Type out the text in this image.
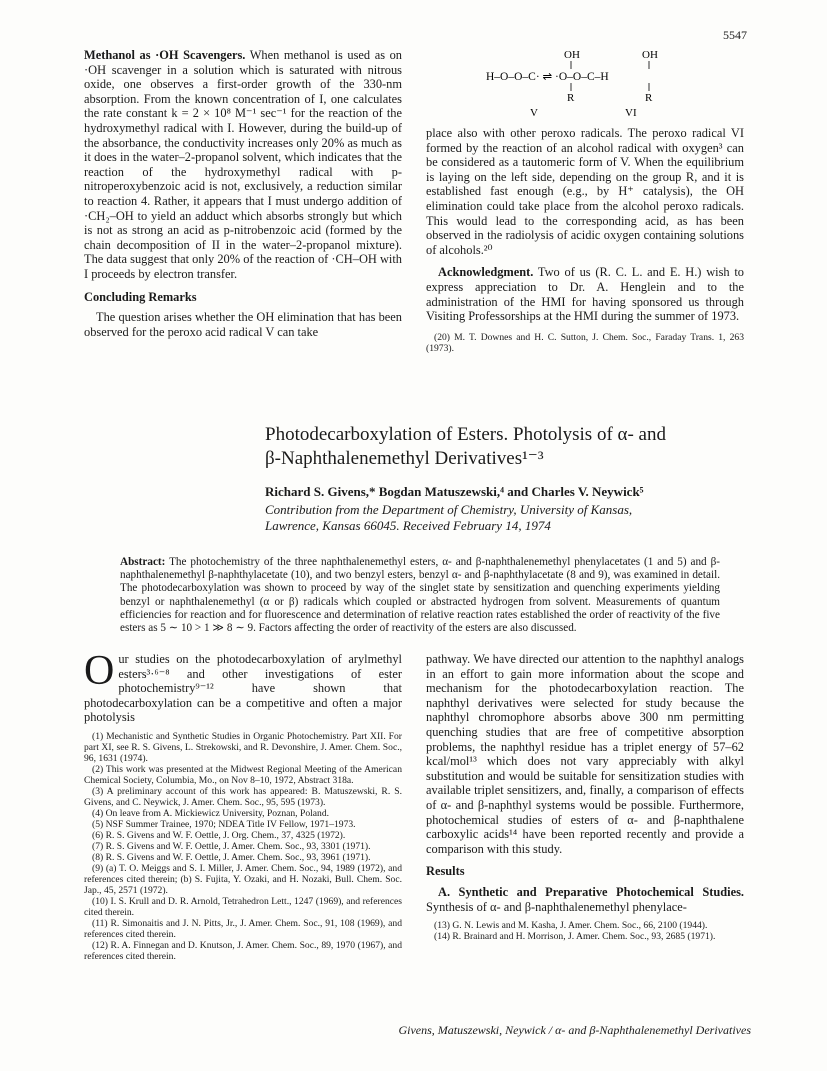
5547

Methanol as ·OH Scavengers. When methanol is used as on ·OH scavenger in a solution which is saturated with nitrous oxide, one observes a first-order growth of the 330-nm absorption. From the known concentration of I, one calculates the rate constant k = 2 × 10⁸ M⁻¹ sec⁻¹ for the reaction of the hydroxymethyl radical with I. However, during the build-up of the absorbance, the conductivity increases only 20% as much as it does in the water–2-propanol solvent, which indicates that the reaction of the hydroxymethyl radical with p-nitroperoxybenzoic acid is not, exclusively, a reduction similar to reaction 4. Rather, it appears that I must undergo addition of ·CH₂–OH to yield an adduct which absorbs strongly but which is not as strong an acid as p-nitrobenzoic acid (formed by the chain decomposition of II in the water–2-propanol mixture). The data suggest that only 20% of the reaction of ·CH–OH with I proceeds by electron transfer.

Concluding Remarks

The question arises whether the OH elimination that has been observed for the peroxo acid radical V can take

OH	OH
H–O–O–C· ⇌ ·O–O–C–H
R	R
V	VI

place also with other peroxo radicals. The peroxo radical VI formed by the reaction of an alcohol radical with oxygen³ can be considered as a tautomeric form of V. When the equilibrium is laying on the left side, depending on the group R, and it is established fast enough (e.g., by H⁺ catalysis), the OH elimination could take place from the alcohol peroxo radicals. This would lead to the corresponding acid, as has been observed in the radiolysis of acidic oxygen containing solutions of alcohols.²⁰

Acknowledgment. Two of us (R. C. L. and E. H.) wish to express appreciation to Dr. A. Henglein and to the administration of the HMI for having sponsored us through Visiting Professorships at the HMI during the summer of 1973.

(20) M. T. Downes and H. C. Sutton, J. Chem. Soc., Faraday Trans. 1, 263 (1973).

Photodecarboxylation of Esters. Photolysis of α- and
β-Naphthalenemethyl Derivatives¹⁻³
Richard S. Givens,* Bogdan Matuszewski,⁴ and Charles V. Neywick⁵
Contribution from the Department of Chemistry, University of Kansas,
Lawrence, Kansas 66045. Received February 14, 1974
Abstract: The photochemistry of the three naphthalenemethyl esters, α- and β-naphthalenemethyl phenylacetates (1 and 5) and β-naphthalenemethyl β-naphthylacetate (10), and two benzyl esters, benzyl α- and β-naphthylacetate (8 and 9), was examined in detail. The photodecarboxylation was shown to proceed by way of the singlet state by sensitization and quenching experiments yielding benzyl or naphthalenemethyl (α or β) radicals which coupled or abstracted hydrogen from solvent. Measurements of quantum efficiencies for reaction and for fluorescence and determination of relative reaction rates established the order of reactivity of the five esters as 5 ∼ 10 > 1 ≫ 8 ∼ 9. Factors affecting the order of reactivity of the esters are also discussed.

Our studies on the photodecarboxylation of arylmethyl esters³·⁶⁻⁸ and other investigations of ester photochemistry⁹⁻¹² have shown that photodecarboxylation can be a competitive and often a major photolysis

(1) Mechanistic and Synthetic Studies in Organic Photochemistry. Part XII. For part XI, see R. S. Givens, L. Strekowski, and R. Devonshire, J. Amer. Chem. Soc., 96, 1631 (1974).

(2) This work was presented at the Midwest Regional Meeting of the American Chemical Society, Columbia, Mo., on Nov 8–10, 1972, Abstract 318a.

(3) A preliminary account of this work has appeared: B. Matuszewski, R. S. Givens, and C. Neywick, J. Amer. Chem. Soc., 95, 595 (1973).

(4) On leave from A. Mickiewicz University, Poznan, Poland.

(5) NSF Summer Trainee, 1970; NDEA Title IV Fellow, 1971–1973.

(6) R. S. Givens and W. F. Oettle, J. Org. Chem., 37, 4325 (1972).

(7) R. S. Givens and W. F. Oettle, J. Amer. Chem. Soc., 93, 3301 (1971).

(8) R. S. Givens and W. F. Oettle, J. Amer. Chem. Soc., 93, 3961 (1971).

(9) (a) T. O. Meiggs and S. I. Miller, J. Amer. Chem. Soc., 94, 1989 (1972), and references cited therein; (b) S. Fujita, Y. Ozaki, and H. Nozaki, Bull. Chem. Soc. Jap., 45, 2571 (1972).

(10) I. S. Krull and D. R. Arnold, Tetrahedron Lett., 1247 (1969), and references cited therein.

(11) R. Simonaitis and J. N. Pitts, Jr., J. Amer. Chem. Soc., 91, 108 (1969), and references cited therein.

(12) R. A. Finnegan and D. Knutson, J. Amer. Chem. Soc., 89, 1970 (1967), and references cited therein.

pathway. We have directed our attention to the naphthyl analogs in an effort to gain more information about the scope and mechanism for the photodecarboxylation reaction. The naphthyl derivatives were selected for study because the naphthyl chromophore absorbs above 300 nm permitting quenching studies that are free of competitive absorption problems, the naphthyl residue has a triplet energy of 57–62 kcal/mol¹³ which does not vary appreciably with alkyl substitution and would be suitable for sensitization studies with available triplet sensitizers, and, finally, a comparison of effects of α- and β-naphthyl systems would be possible. Furthermore, photochemical studies of esters of α- and β-naphthalene carboxylic acids¹⁴ have been reported recently and provide a comparison with this study.

Results

A. Synthetic and Preparative Photochemical Studies. Synthesis of α- and β-naphthalenemethyl phenylace-

(13) G. N. Lewis and M. Kasha, J. Amer. Chem. Soc., 66, 2100 (1944).

(14) R. Brainard and H. Morrison, J. Amer. Chem. Soc., 93, 2685 (1971).

Givens, Matuszewski, Neywick / α- and β-Naphthalenemethyl Derivatives
